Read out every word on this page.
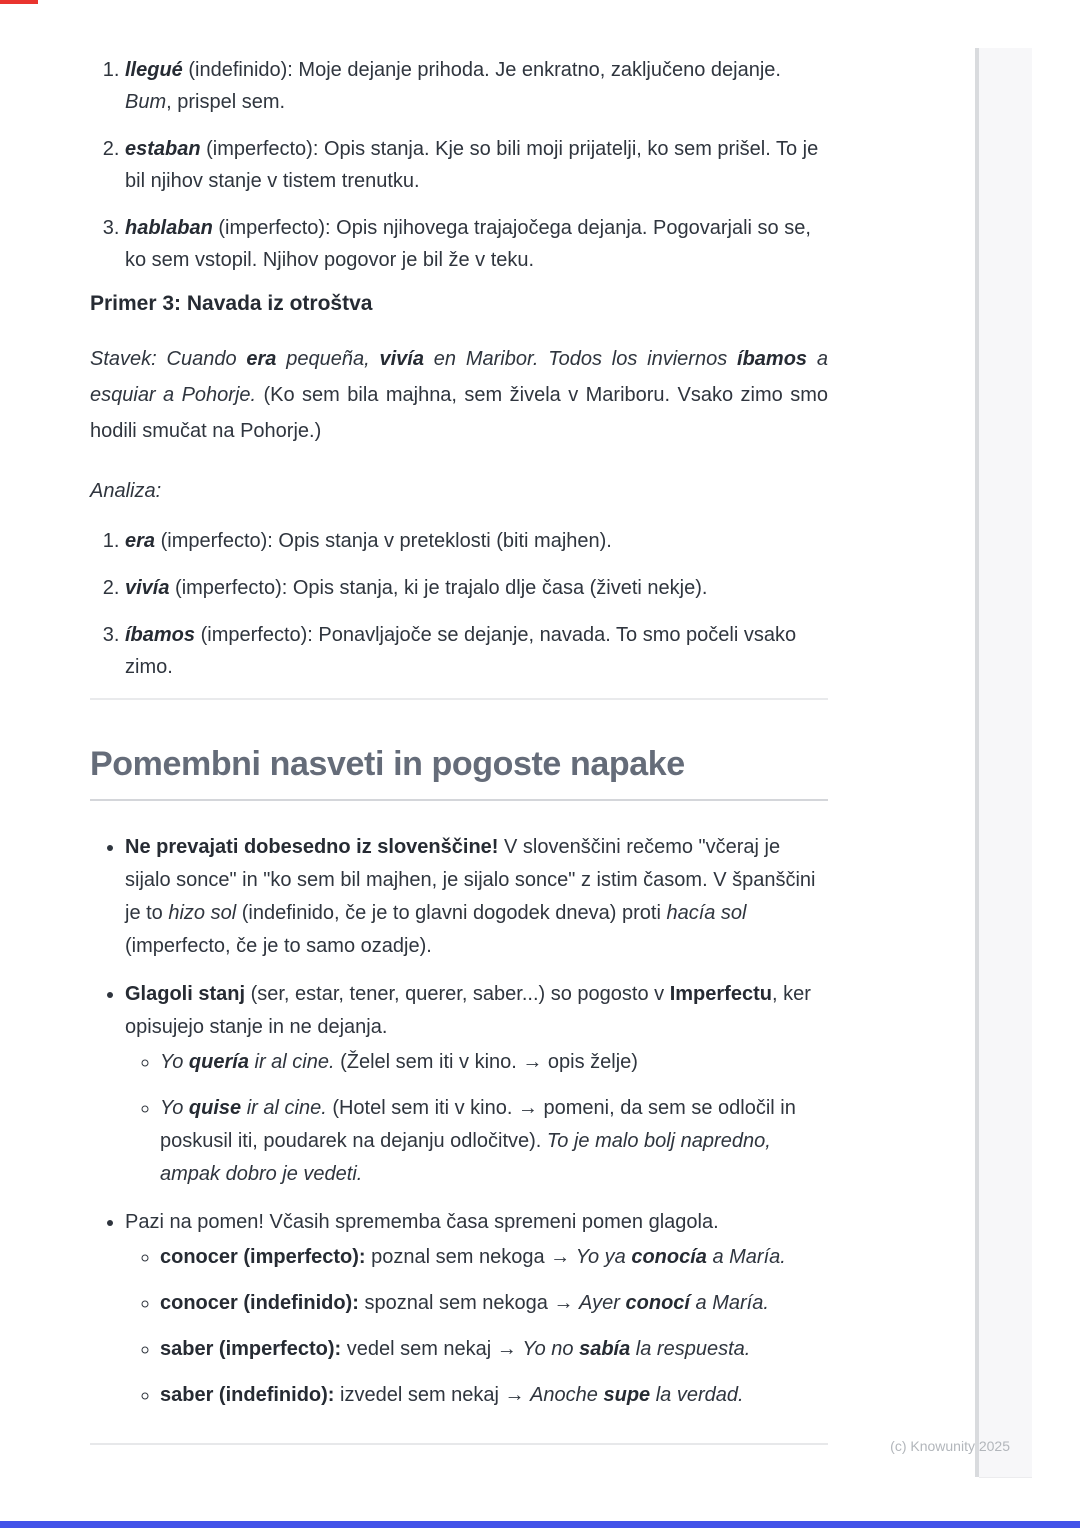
1. llegué (indefinido): Moje dejanje prihoda. Je enkratno, zaključeno dejanje. Bum, prispel sem.
2. estaban (imperfecto): Opis stanja. Kje so bili moji prijatelji, ko sem prišel. To je bil njihov stanje v tistem trenutku.
3. hablaban (imperfecto): Opis njihovega trajajočega dejanja. Pogovarjali so se, ko sem vstopil. Njihov pogovor je bil že v teku.
Primer 3: Navada iz otroštva

Stavek: Cuando era pequeña, vivía en Maribor. Todos los inviernos íbamos a esquiar a Pohorje. (Ko sem bila majhna, sem živela v Mariboru. Vsako zimo smo hodili smučat na Pohorje.)

Analiza:

1. era (imperfecto): Opis stanja v preteklosti (biti majhen).
2. vivía (imperfecto): Opis stanja, ki je trajalo dlje časa (živeti nekje).
3. íbamos (imperfecto): Ponavljajoče se dejanje, navada. To smo počeli vsako zimo.
Pomembni nasveti in pogoste napake
• Ne prevajati dobesedno iz slovenščine! V slovenščini rečemo "včeraj je sijalo sonce" in "ko sem bil majhen, je sijalo sonce" z istim časom. V španščini je to hizo sol (indefinido, če je to glavni dogodek dneva) proti hacía sol (imperfecto, če je to samo ozadje).
• Glagoli stanj (ser, estar, tener, querer, saber...) so pogosto v Imperfectu, ker opisujejo stanje in ne dejanja.
◦ Yo quería ir al cine. (Želel sem iti v kino. → opis želje)
◦ Yo quise ir al cine. (Hotel sem iti v kino. → pomeni, da sem se odločil in poskusil iti, poudarek na dejanju odločitve). To je malo bolj napredno, ampak dobro je vedeti.
• Pazi na pomen! Včasih sprememba časa spremeni pomen glagola.
◦ conocer (imperfecto): poznal sem nekoga → Yo ya conocía a María.
◦ conocer (indefinido): spoznal sem nekoga → Ayer conocí a María.
◦ saber (imperfecto): vedel sem nekaj → Yo no sabía la respuesta.
◦ saber (indefinido): izvedel sem nekaj → Anoche supe la verdad.
(c) Knowunity 2025
